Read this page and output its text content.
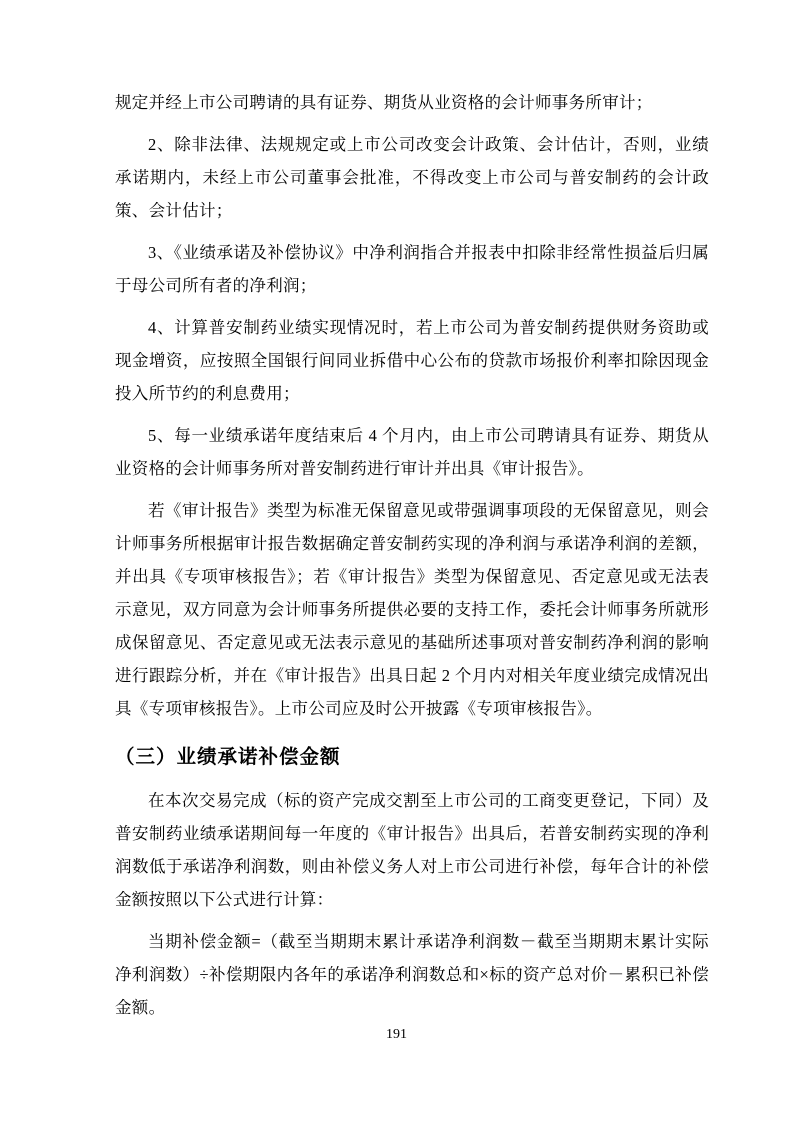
规定并经上市公司聘请的具有证券、期货从业资格的会计师事务所审计；

2、除非法律、法规规定或上市公司改变会计政策、会计估计，否则，业绩承诺期内，未经上市公司董事会批准，不得改变上市公司与普安制药的会计政策、会计估计；

3、《业绩承诺及补偿协议》中净利润指合并报表中扣除非经常性损益后归属于母公司所有者的净利润；

4、计算普安制药业绩实现情况时，若上市公司为普安制药提供财务资助或现金增资，应按照全国银行间同业拆借中心公布的贷款市场报价利率扣除因现金投入所节约的利息费用；

5、每一业绩承诺年度结束后 4 个月内，由上市公司聘请具有证券、期货从业资格的会计师事务所对普安制药进行审计并出具《审计报告》。

若《审计报告》类型为标准无保留意见或带强调事项段的无保留意见，则会计师事务所根据审计报告数据确定普安制药实现的净利润与承诺净利润的差额，并出具《专项审核报告》；若《审计报告》类型为保留意见、否定意见或无法表示意见，双方同意为会计师事务所提供必要的支持工作，委托会计师事务所就形成保留意见、否定意见或无法表示意见的基础所述事项对普安制药净利润的影响进行跟踪分析，并在《审计报告》出具日起 2 个月内对相关年度业绩完成情况出具《专项审核报告》。上市公司应及时公开披露《专项审核报告》。

（三）业绩承诺补偿金额

在本次交易完成（标的资产完成交割至上市公司的工商变更登记，下同）及普安制药业绩承诺期间每一年度的《审计报告》出具后，若普安制药实现的净利润数低于承诺净利润数，则由补偿义务人对上市公司进行补偿，每年合计的补偿金额按照以下公式进行计算：

当期补偿金额=（截至当期期末累计承诺净利润数－截至当期期末累计实际净利润数）÷补偿期限内各年的承诺净利润数总和×标的资产总对价－累积已补偿金额。

191
